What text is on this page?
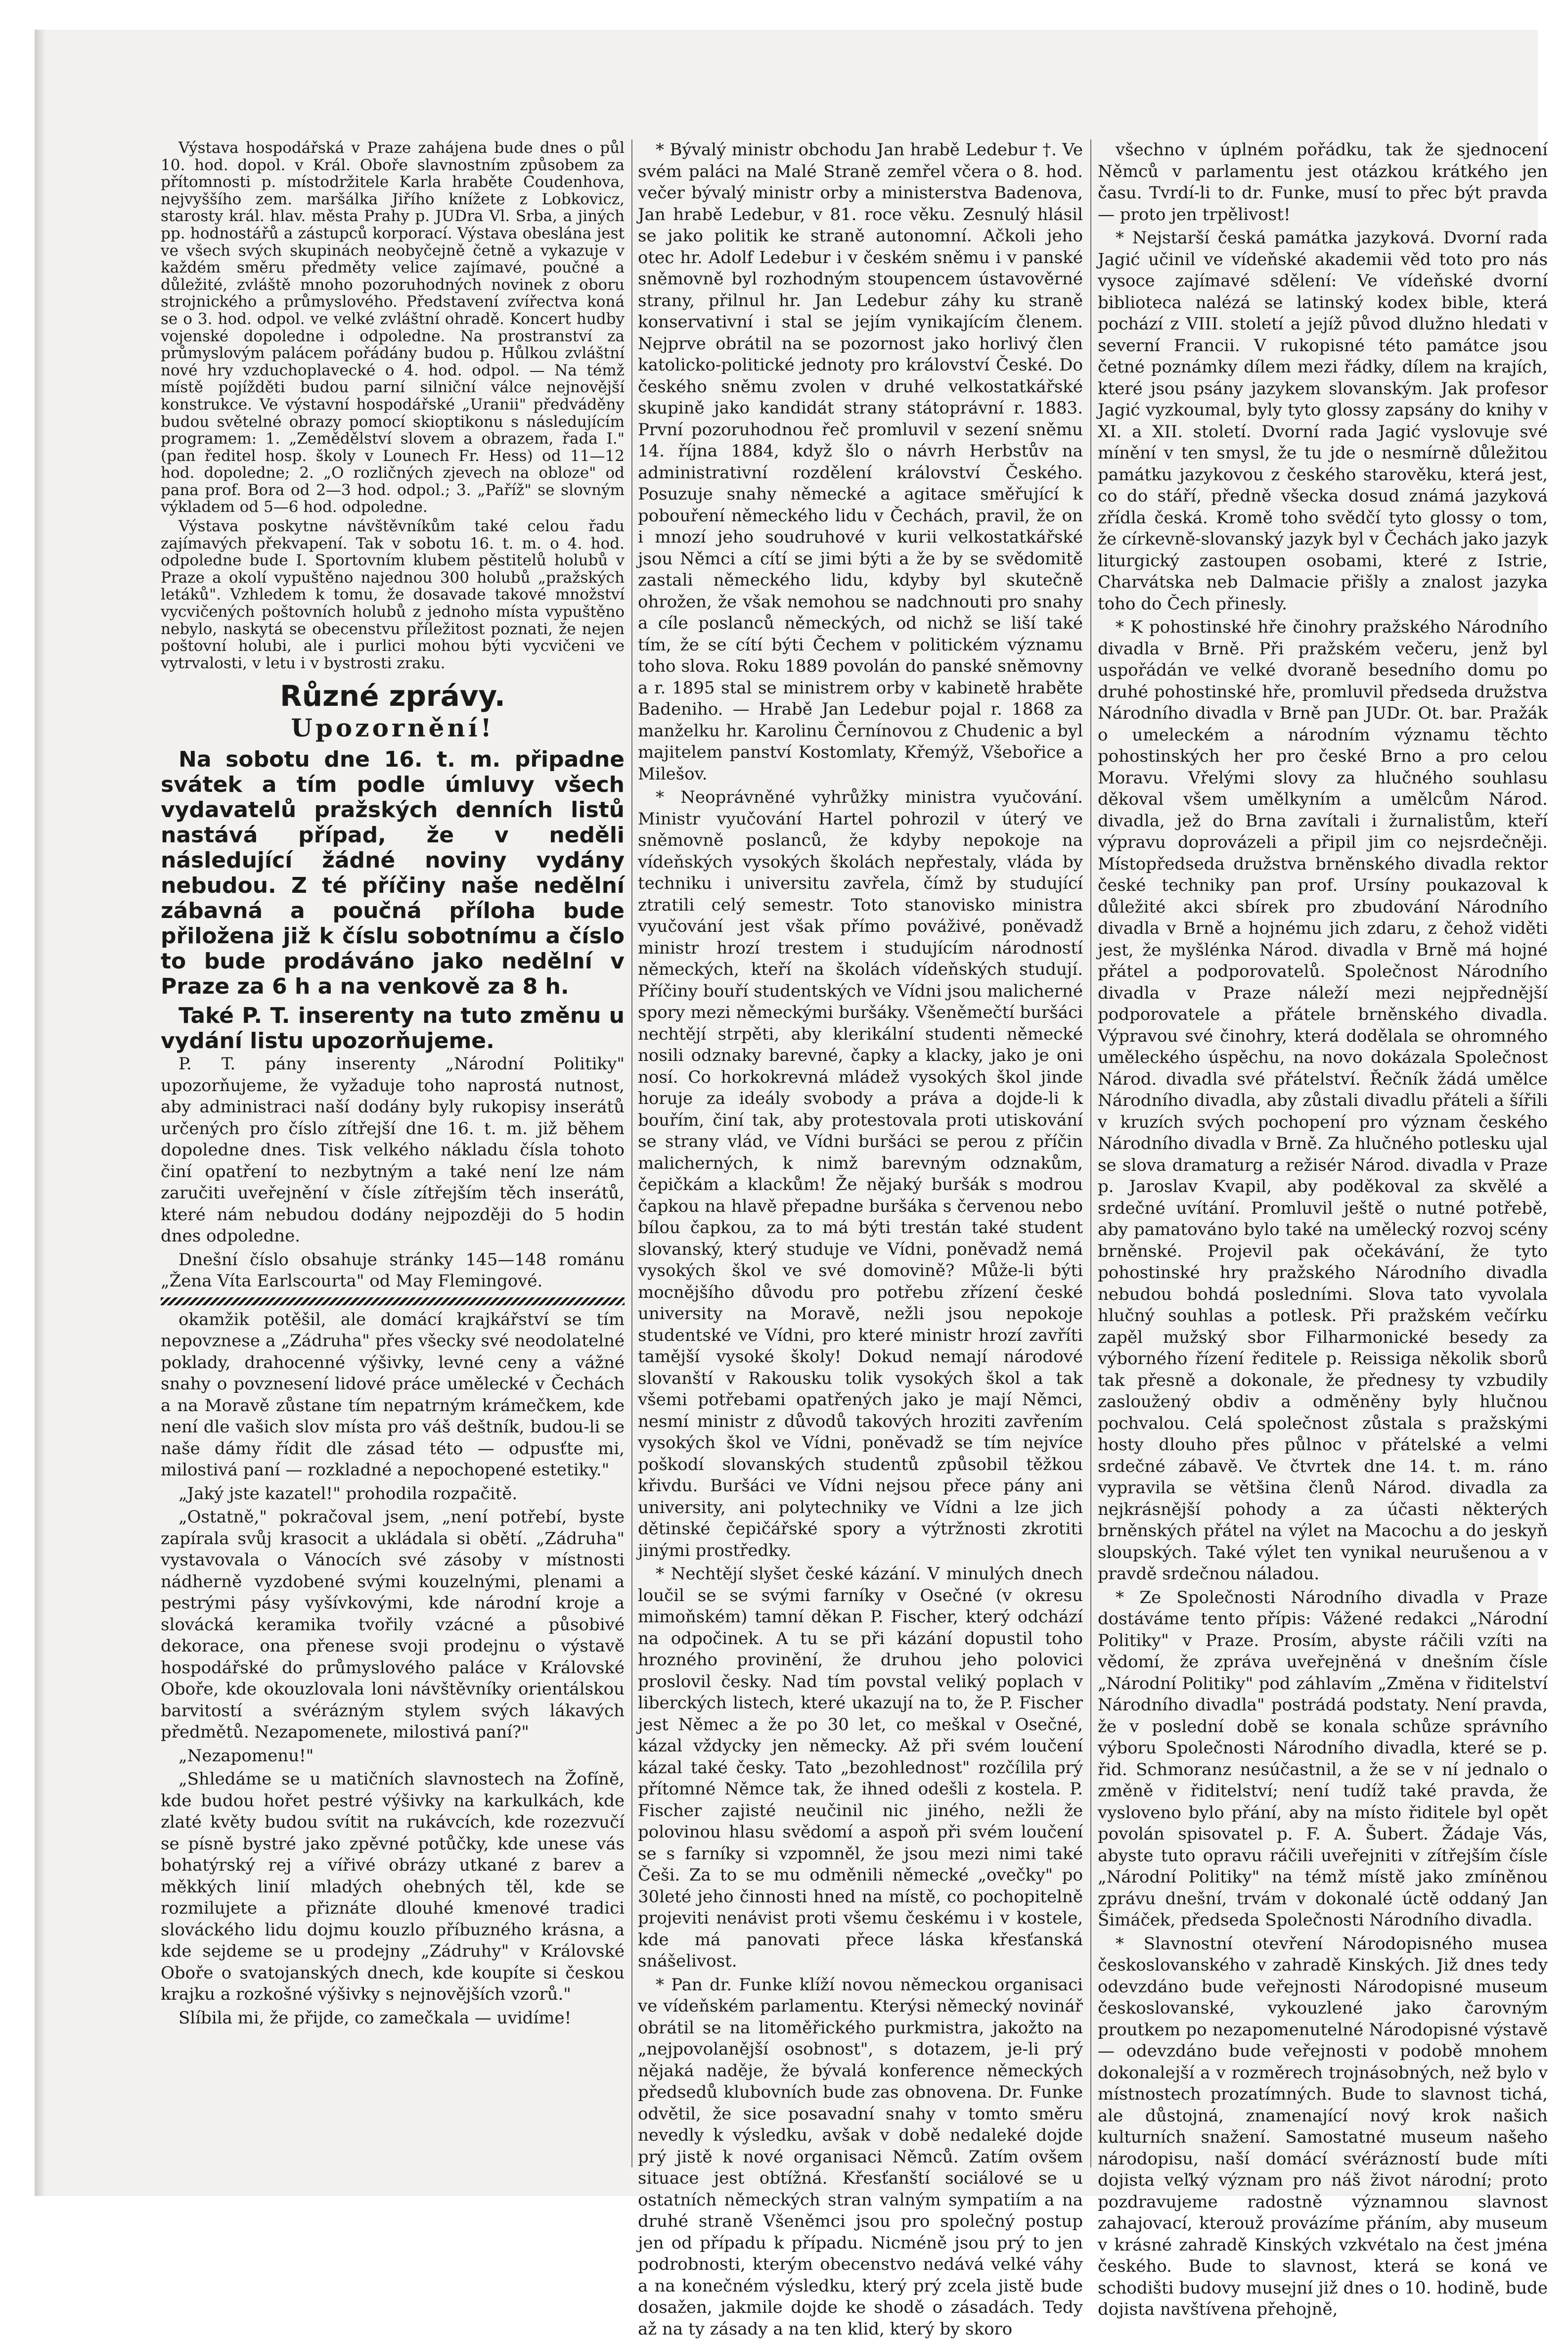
Výstava hospodářská v Praze zahájena bude dnes o půl 10. hod. dopol. v Král. Oboře slavnostním způsobem za přítomnosti p. místodržitele Karla hraběte Coudenhova, nejvyššího zem. maršálka Jiřího knížete z Lobkovicz, starosty král. hlav. města Prahy p. JUDra Vl. Srba, a jiných pp. hodnostářů a zástupců korporací. Výstava obeslána jest ve všech svých skupinách neobyčejně četně a vykazuje v každém směru předměty velice zajímavé, poučné a důležité, zvláště mnoho pozoruhodných novinek z oboru strojnického a průmyslového. Představení zvířectva koná se o 3. hod. odpol. ve velké zvláštní ohradě. Koncert hudby vojenské dopoledne i odpoledne. Na prostranství za průmyslovým palácem pořádány budou p. Hůlkou zvláštní nové hry vzduchoplavecké o 4. hod. odpol. — Na témž místě pojížděti budou parní silniční válce nejnovější konstrukce. Ve výstavní hospodářské „Uranii" předváděny budou světelné obrazy pomocí skioptikonu s následujícím programem: 1. „Zemědělství slovem a obrazem, řada I." (pan ředitel hosp. školy v Lounech Fr. Hess) od 11—12 hod. dopoledne; 2. „O rozličných zjevech na obloze" od pana prof. Bora od 2—3 hod. odpol.; 3. „Paříž" se slovným výkladem od 5—6 hod. odpoledne.

Výstava poskytne návštěvníkům také celou řadu zajímavých překvapení. Tak v sobotu 16. t. m. o 4. hod. odpoledne bude I. Sportovním klubem pěstitelů holubů v Praze a okolí vypuštěno najednou 300 holubů „pražských letáků". Vzhledem k tomu, že dosavade takové množství vycvičených poštovních holubů z jednoho místa vypuštěno nebylo, naskytá se obecenstvu příležitost poznati, že nejen poštovní holubi, ale i purlici mohou býti vycvičeni ve vytrvalosti, v letu i v bystrosti zraku.

Různé zprávy.
Upozornění!
Na sobotu dne 16. t. m. připadne svátek a tím podle úmluvy všech vydavatelů pražských denních listů nastává případ, že v neděli následující žádné noviny vydány nebudou. Z té příčiny naše nedělní zábavná a poučná příloha bude přiložena již k číslu sobotnímu a číslo to bude prodáváno jako nedělní v Praze za 6 h a na venkově za 8 h.
Také P. T. inserenty na tuto změnu u vydání listu upozorňujeme.

P. T. pány inserenty „Národní Politiky" upozorňujeme, že vyžaduje toho naprostá nutnost, aby administraci naší dodány byly rukopisy inserátů určených pro číslo zítřejší dne 16. t. m. již během dopoledne dnes. Tisk velkého nákladu čísla tohoto činí opatření to nezbytným a také není lze nám zaručiti uveřejnění v čísle zítřejším těch inserátů, které nám nebudou dodány nejpozději do 5 hodin dnes odpoledne.

Dnešní číslo obsahuje stránky 145—148 románu „Žena Víta Earlscourta" od May Flemingové.

okamžik potěšil, ale domácí krajkářství se tím nepovznese a „Zádruha" přes všecky své neodolatelné poklady, drahocenné výšivky, levné ceny a vážné snahy o povznesení lidové práce umělecké v Čechách a na Moravě zůstane tím nepatrným krámečkem, kde není dle vašich slov místa pro váš deštník, budou-li se naše dámy řídit dle zásad této — odpusťte mi, milostivá paní — rozkladné a nepochopené estetiky."

„Jaký jste kazatel!" prohodila rozpačitě.

„Ostatně," pokračoval jsem, „není potřebí, byste zapírala svůj krasocit a ukládala si obětí. „Zádruha" vystavovala o Vánocích své zásoby v místnosti nádherně vyzdobené svými kouzelnými, plenami a pestrými pásy vyšívkovými, kde národní kroje a slovácká keramika tvořily vzácné a působivé dekorace, ona přenese svoji prodejnu o výstavě hospodářské do průmyslového paláce v Královské Oboře, kde okouzlovala loni návštěvníky orientálskou barvitostí a svérázným stylem svých lákavých předmětů. Nezapomenete, milostivá paní?"

„Nezapomenu!"

„Shledáme se u matičních slavnostech na Žofíně, kde budou hořet pestré výšivky na karkulkách, kde zlaté květy budou svítit na rukávcích, kde rozezvučí se písně bystré jako zpěvné potůčky, kde unese vás bohatýrský rej a vířivé obrázy utkané z barev a měkkých linií mladých ohebných těl, kde se rozmilujete a přiznáte dlouhé kmenové tradici slováckého lidu dojmu kouzlo příbuzného krásna, a kde sejdeme se u prodejny „Zádruhy" v Královské Oboře o svatojanských dnech, kde koupíte si českou krajku a rozkošné výšivky s nejnovějších vzorů."

Slíbila mi, že přijde, co zamečkala — uvidíme!

* Bývalý ministr obchodu Jan hrabě Ledebur †. Ve svém paláci na Malé Straně zemřel včera o 8. hod. večer bývalý ministr orby a ministerstva Badenova, Jan hrabě Ledebur, v 81. roce věku. Zesnulý hlásil se jako politik ke straně autonomní. Ačkoli jeho otec hr. Adolf Ledebur i v českém sněmu i v panské sněmovně byl rozhodným stoupencem ústavověrné strany, přilnul hr. Jan Ledebur záhy ku straně konservativní i stal se jejím vynikajícím členem. Nejprve obrátil na se pozornost jako horlivý člen katolicko-politické jednoty pro království České. Do českého sněmu zvolen v druhé velkostatkářské skupině jako kandidát strany státoprávní r. 1883. První pozoruhodnou řeč promluvil v sezení sněmu 14. října 1884, když šlo o návrh Herbstův na administrativní rozdělení království Českého. Posuzuje snahy německé a agitace směřující k pobouření německého lidu v Čechách, pravil, že on i mnozí jeho soudruhové v kurii velkostatkářské jsou Němci a cítí se jimi býti a že by se svědomitě zastali německého lidu, kdyby byl skutečně ohrožen, že však nemohou se nadchnouti pro snahy a cíle poslanců německých, od nichž se liší také tím, že se cítí býti Čechem v politickém významu toho slova. Roku 1889 povolán do panské sněmovny a r. 1895 stal se ministrem orby v kabinetě hraběte Badeniho. — Hrabě Jan Ledebur pojal r. 1868 za manželku hr. Karolinu Černínovou z Chudenic a byl majitelem panství Kostomlaty, Křemýž, Všebořice a Milešov.

* Neoprávněné vyhrůžky ministra vyučování. Ministr vyučování Hartel pohrozil v úterý ve sněmovně poslanců, že kdyby nepokoje na vídeňských vysokých školách nepřestaly, vláda by techniku i universitu zavřela, čímž by studující ztratili celý semestr. Toto stanovisko ministra vyučování jest však přímo pováživé, poněvadž ministr hrozí trestem i studujícím národností německých, kteří na školách vídeňských studují. Příčiny bouří studentských ve Vídni jsou malicherné spory mezi německými buršáky. Všeněmečtí buršáci nechtějí strpěti, aby klerikální studenti německé nosili odznaky barevné, čapky a klacky, jako je oni nosí. Co horkokrevná mládež vysokých škol jinde horuje za ideály svobody a práva a dojde-li k bouřím, činí tak, aby protestovala proti utiskování se strany vlád, ve Vídni buršáci se perou z příčin malicherných, k nimž barevným odznakům, čepičkám a klackům! Že nějaký buršák s modrou čapkou na hlavě přepadne buršáka s červenou nebo bílou čapkou, za to má býti trestán také student slovanský, který studuje ve Vídni, poněvadž nemá vysokých škol ve své domovině? Může-li býti mocnějšího důvodu pro potřebu zřízení české university na Moravě, nežli jsou nepokoje studentské ve Vídni, pro které ministr hrozí zavříti tamější vysoké školy! Dokud nemají národové slovanští v Rakousku tolik vysokých škol a tak všemi potřebami opatřených jako je mají Němci, nesmí ministr z důvodů takových hroziti zavřením vysokých škol ve Vídni, poněvadž se tím nejvíce poškodí slovanských studentů způsobil těžkou křivdu. Buršáci ve Vídni nejsou přece pány ani university, ani polytechniky ve Vídni a lze jich dětinské čepičářské spory a výtržnosti zkrotiti jinými prostředky.

* Nechtějí slyšet české kázání. V minulých dnech loučil se se svými farníky v Osečné (v okresu mimoňském) tamní děkan P. Fischer, který odchází na odpočinek. A tu se při kázání dopustil toho hrozného provinění, že druhou jeho polovici proslovil česky. Nad tím povstal veliký poplach v liberckých listech, které ukazují na to, že P. Fischer jest Němec a že po 30 let, co meškal v Osečné, kázal vždycky jen německy. Až při svém loučení kázal také česky. Tato „bezohlednost" rozčílila prý přítomné Němce tak, že ihned odešli z kostela. P. Fischer zajisté neučinil nic jiného, nežli že polovinou hlasu svědomí a aspoň při svém loučení se s farníky si vzpomněl, že jsou mezi nimi také Češi. Za to se mu odměnili německé „ovečky" po 30leté jeho činnosti hned na místě, co pochopitelně projeviti nenávist proti všemu českému i v kostele, kde má panovati přece láska křesťanská snášelivost.

* Pan dr. Funke klíží novou německou organisaci ve vídeňském parlamentu. Kterýsi německý novinář obrátil se na litoměřického purkmistra, jakožto na „nejpovolanější osobnost", s dotazem, je-li prý nějaká naděje, že bývalá konference německých předsedů klubovních bude zas obnovena. Dr. Funke odvětil, že sice posavadní snahy v tomto směru nevedly k výsledku, avšak v době nedaleké dojde prý jistě k nové organisaci Němců. Zatím ovšem situace jest obtížná. Křesťanští sociálové se u ostatních německých stran valným sympatiím a na druhé straně Všeněmci jsou pro společný postup jen od případu k případu. Nicméně jsou prý to jen podrobnosti, kterým obecenstvo nedává velké váhy a na konečném výsledku, který prý zcela jistě bude dosažen, jakmile dojde ke shodě o zásadách. Tedy až na ty zásady a na ten klid, který by skoro

všechno v úplném pořádku, tak že sjednocení Němců v parlamentu jest otázkou krátkého jen času. Tvrdí-li to dr. Funke, musí to přec být pravda — proto jen trpělivost!

* Nejstarší česká památka jazyková. Dvorní rada Jagić učinil ve vídeňské akademii věd toto pro nás vysoce zajímavé sdělení: Ve vídeňské dvorní biblioteca nalézá se latinský kodex bible, která pochází z VIII. století a jejíž původ dlužno hledati v severní Francii. V rukopisné této památce jsou četné poznámky dílem mezi řádky, dílem na krajích, které jsou psány jazykem slovanským. Jak profesor Jagić vyzkoumal, byly tyto glossy zapsány do knihy v XI. a XII. století. Dvorní rada Jagić vyslovuje své mínění v ten smysl, že tu jde o nesmírně důležitou památku jazykovou z českého starověku, která jest, co do stáří, předně všecka dosud známá jazyková zřídla česká. Kromě toho svědčí tyto glossy o tom, že církevně-slovanský jazyk byl v Čechách jako jazyk liturgický zastoupen osobami, které z Istrie, Charvátska neb Dalmacie přišly a znalost jazyka toho do Čech přinesly.

* K pohostinské hře činohry pražského Národního divadla v Brně. Při pražském večeru, jenž byl uspořádán ve velké dvoraně besedního domu po druhé pohostinské hře, promluvil předseda družstva Národního divadla v Brně pan JUDr. Ot. bar. Pražák o umeleckém a národním významu těchto pohostinských her pro české Brno a pro celou Moravu. Vřelými slovy za hlučného souhlasu děkoval všem umělkyním a umělcům Národ. divadla, jež do Brna zavítali i žurnalistům, kteří výpravu doprovázeli a připil jim co nejsrdečněji. Místopředseda družstva brněnského divadla rektor české techniky pan prof. Ursíny poukazoval k důležité akci sbírek pro zbudování Národního divadla v Brně a hojnému jich zdaru, z čehož viděti jest, že myšlénka Národ. divadla v Brně má hojné přátel a podporovatelů. Společnost Národního divadla v Praze náleží mezi nejpřednější podporovatele a přátele brněnského divadla. Výpravou své činohry, která dodělala se ohromného uměleckého úspěchu, na novo dokázala Společnost Národ. divadla své přátelství. Řečník žádá umělce Národního divadla, aby zůstali divadlu přáteli a šířili v kruzích svých pochopení pro význam českého Národního divadla v Brně. Za hlučného potlesku ujal se slova dramaturg a režisér Národ. divadla v Praze p. Jaroslav Kvapil, aby poděkoval za skvělé a srdečné uvítání. Promluvil ještě o nutné potřebě, aby pamatováno bylo také na umělecký rozvoj scény brněnské. Projevil pak očekávání, že tyto pohostinské hry pražského Národního divadla nebudou bohdá posledními. Slova tato vyvolala hlučný souhlas a potlesk. Při pražském večírku zapěl mužský sbor Filharmonické besedy za výborného řízení ředitele p. Reissiga několik sborů tak přesně a dokonale, že přednesy ty vzbudily zasloužený obdiv a odměněny byly hlučnou pochvalou. Celá společnost zůstala s pražskými hosty dlouho přes půlnoc v přátelské a velmi srdečné zábavě. Ve čtvrtek dne 14. t. m. ráno vypravila se většina členů Národ. divadla za nejkrásnější pohody a za účasti některých brněnských přátel na výlet na Macochu a do jeskyň sloupských. Také výlet ten vynikal neurušenou a v pravdě srdečnou náladou.

* Ze Společnosti Národního divadla v Praze dostáváme tento přípis: Vážené redakci „Národní Politiky" v Praze. Prosím, abyste ráčili vzíti na vědomí, že zpráva uveřejněná v dnešním čísle „Národní Politiky" pod záhlavím „Změna v řiditelství Národního divadla" postrádá podstaty. Není pravda, že v poslední době se konala schůze správního výboru Společnosti Národního divadla, které se p. řid. Schmoranz nesúčastnil, a že se v ní jednalo o změně v řiditelství; není tudíž také pravda, že vysloveno bylo přání, aby na místo řiditele byl opět povolán spisovatel p. F. A. Šubert. Žádaje Vás, abyste tuto opravu ráčili uveřejniti v zítřejším čísle „Národní Politiky" na témž místě jako zmíněnou zprávu dnešní, trvám v dokonalé úctě oddaný Jan Šimáček, předseda Společnosti Národního divadla.

* Slavnostní otevření Národopisného musea českoslovanského v zahradě Kinských. Již dnes tedy odevzdáno bude veřejnosti Národopisné museum českoslovanské, vykouzlené jako čarovným proutkem po nezapomenutelné Národopisné výstavě — odevzdáno bude veřejnosti v podobě mnohem dokonalejší a v rozměrech trojnásobných, než bylo v místnostech prozatímných. Bude to slavnost tichá, ale důstojná, znamenající nový krok našich kulturních snažení. Samostatné museum našeho národopisu, naší domácí svérázností bude míti dojista veľký význam pro náš život národní; proto pozdravujeme radostně významnou slavnost zahajovací, kterouž provázíme přáním, aby museum v krásné zahradě Kinských vzkvétalo na čest jména českého. Bude to slavnost, která se koná ve schodišti budovy musejní již dnes o 10. hodině, bude dojista navštívena přehojně,
